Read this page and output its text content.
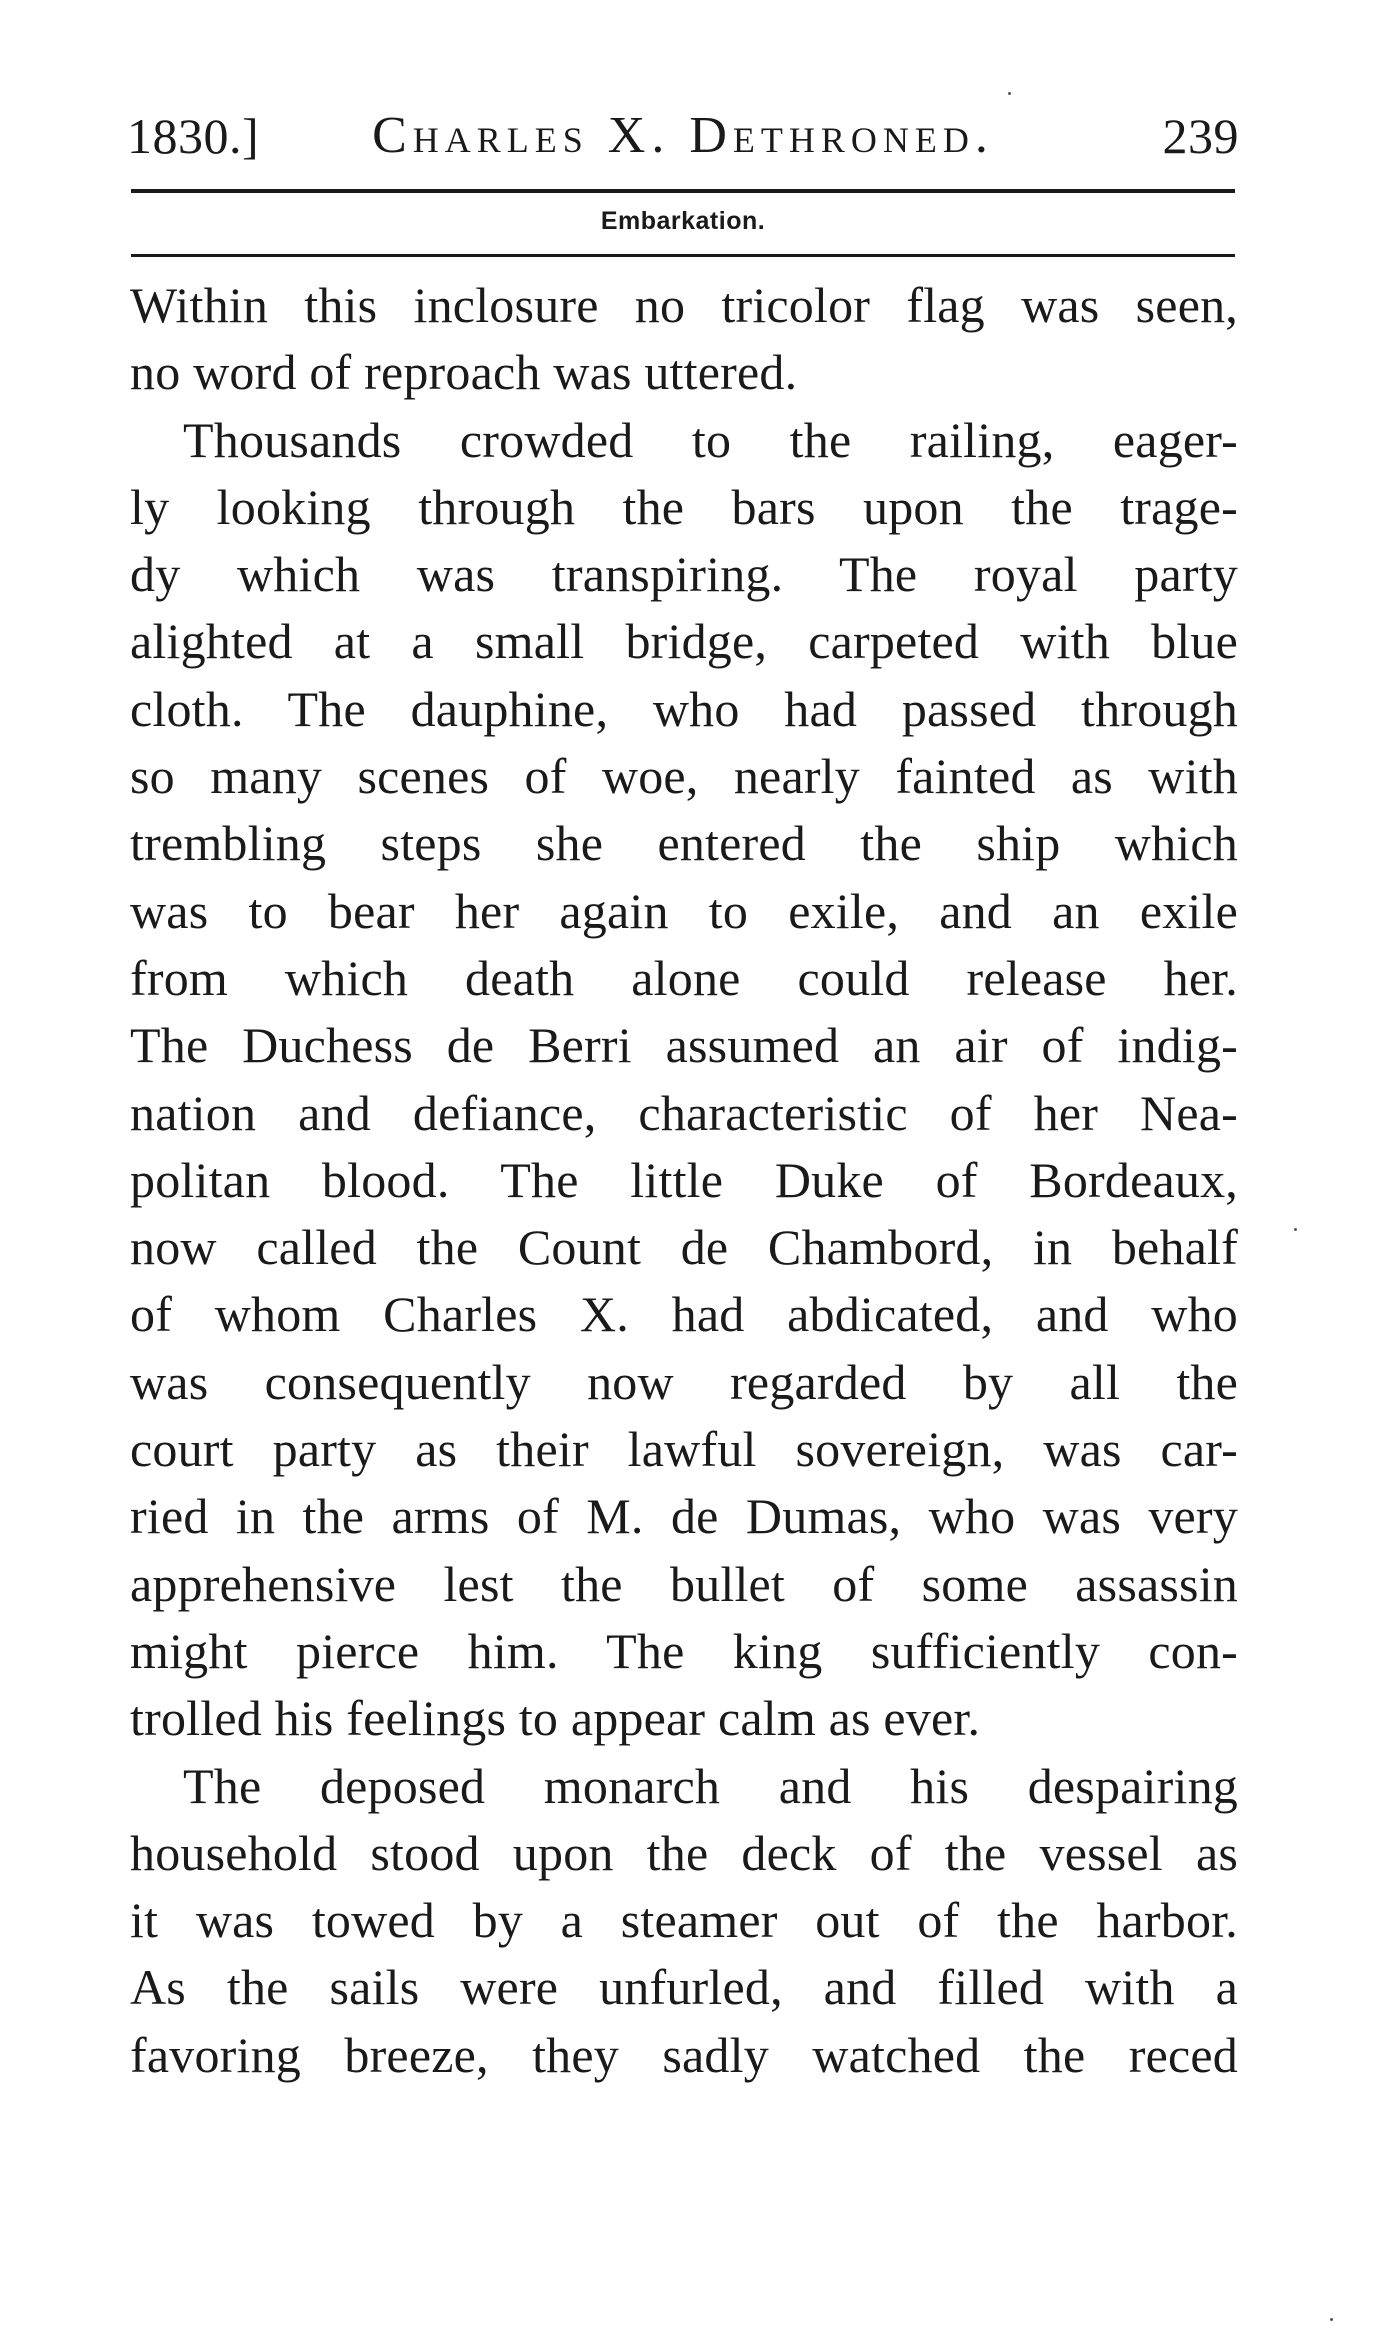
1830.]	Charles X. Dethroned.	239
Embarkation.
Within this inclosure no tricolor flag was seen,
no word of reproach was uttered.
Thousands crowded to the railing, eager-
ly looking through the bars upon the trage-
dy which was transpiring. The royal party
alighted at a small bridge, carpeted with blue
cloth. The dauphine, who had passed through
so many scenes of woe, nearly fainted as with
trembling steps she entered the ship which
was to bear her again to exile, and an exile
from which death alone could release her.
The Duchess de Berri assumed an air of indig-
nation and defiance, characteristic of her Nea-
politan blood. The little Duke of Bordeaux,
now called the Count de Chambord, in behalf
of whom Charles X. had abdicated, and who
was consequently now regarded by all the
court party as their lawful sovereign, was car-
ried in the arms of M. de Dumas, who was very
apprehensive lest the bullet of some assassin
might pierce him. The king sufficiently con-
trolled his feelings to appear calm as ever.
The deposed monarch and his despairing
household stood upon the deck of the vessel as
it was towed by a steamer out of the harbor.
As the sails were unfurled, and filled with a
favoring breeze, they sadly watched the reced
